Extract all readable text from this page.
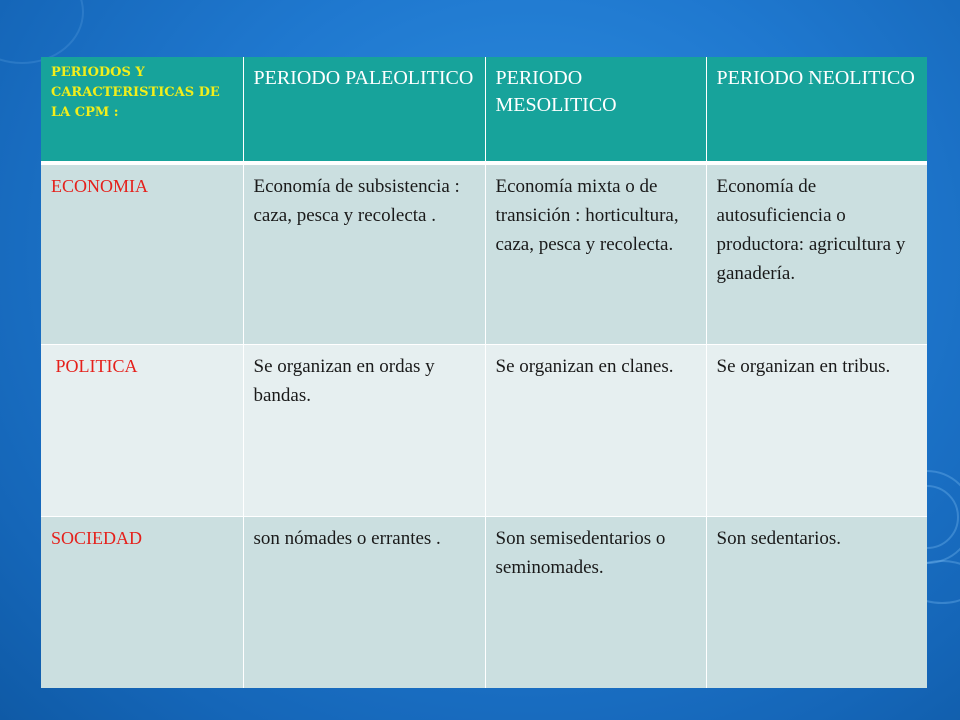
PERIODOS Y CARACTERISTICAS DE LA CPM :	PERIODO PALEOLITICO	PERIODO MESOLITICO	PERIODO NEOLITICO
ECONOMIA	Economía de subsistencia : caza, pesca y recolecta .	Economía mixta o de transición : horticultura, caza, pesca y recolecta.	Economía de autosuficiencia o productora: agricultura y ganadería.
POLITICA	Se organizan en ordas y bandas.	Se organizan en clanes.	Se organizan en tribus.
SOCIEDAD	son nómades o errantes .	Son semisedentarios o seminomades.	Son sedentarios.
